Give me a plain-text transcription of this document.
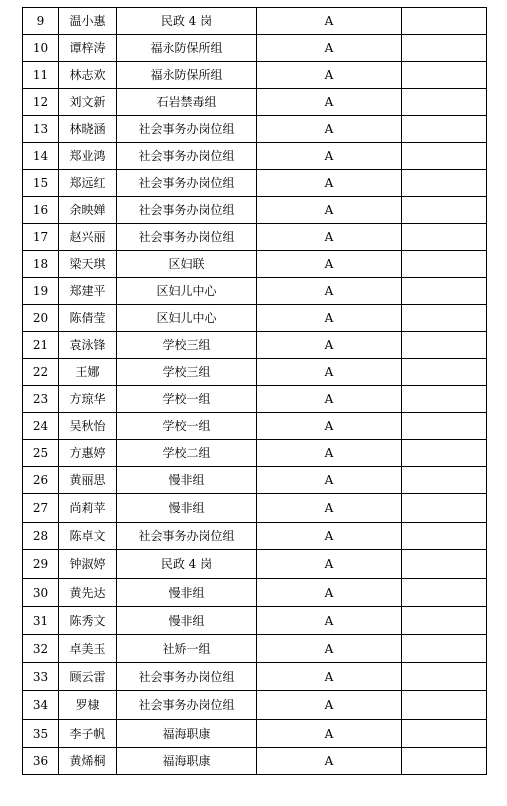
9	温小惠	民政 4 岗	A	
10	谭梓涛	福永防保所组	A	
11	林志欢	福永防保所组	A	
12	刘文新	石岩禁毒组	A	
13	林晓涵	社会事务办岗位组	A	
14	郑业鸿	社会事务办岗位组	A	
15	郑远红	社会事务办岗位组	A	
16	余映婵	社会事务办岗位组	A	
17	赵兴丽	社会事务办岗位组	A	
18	梁天琪	区妇联	A	
19	郑建平	区妇儿中心	A	
20	陈倩莹	区妇儿中心	A	
21	袁泳锋	学校三组	A	
22	王娜	学校三组	A	
23	方琼华	学校一组	A	
24	吴秋怡	学校一组	A	
25	方惠婷	学校二组	A	
26	黄丽思	慢非组	A	
27	尚莉苹	慢非组	A	
28	陈卓文	社会事务办岗位组	A	
29	钟淑婷	民政 4 岗	A	
30	黄先达	慢非组	A	
31	陈秀文	慢非组	A	
32	卓美玉	社矫一组	A	
33	顾云雷	社会事务办岗位组	A	
34	罗棣	社会事务办岗位组	A	
35	李子帆	福海职康	A	
36	黄烯桐	福海职康	A	
